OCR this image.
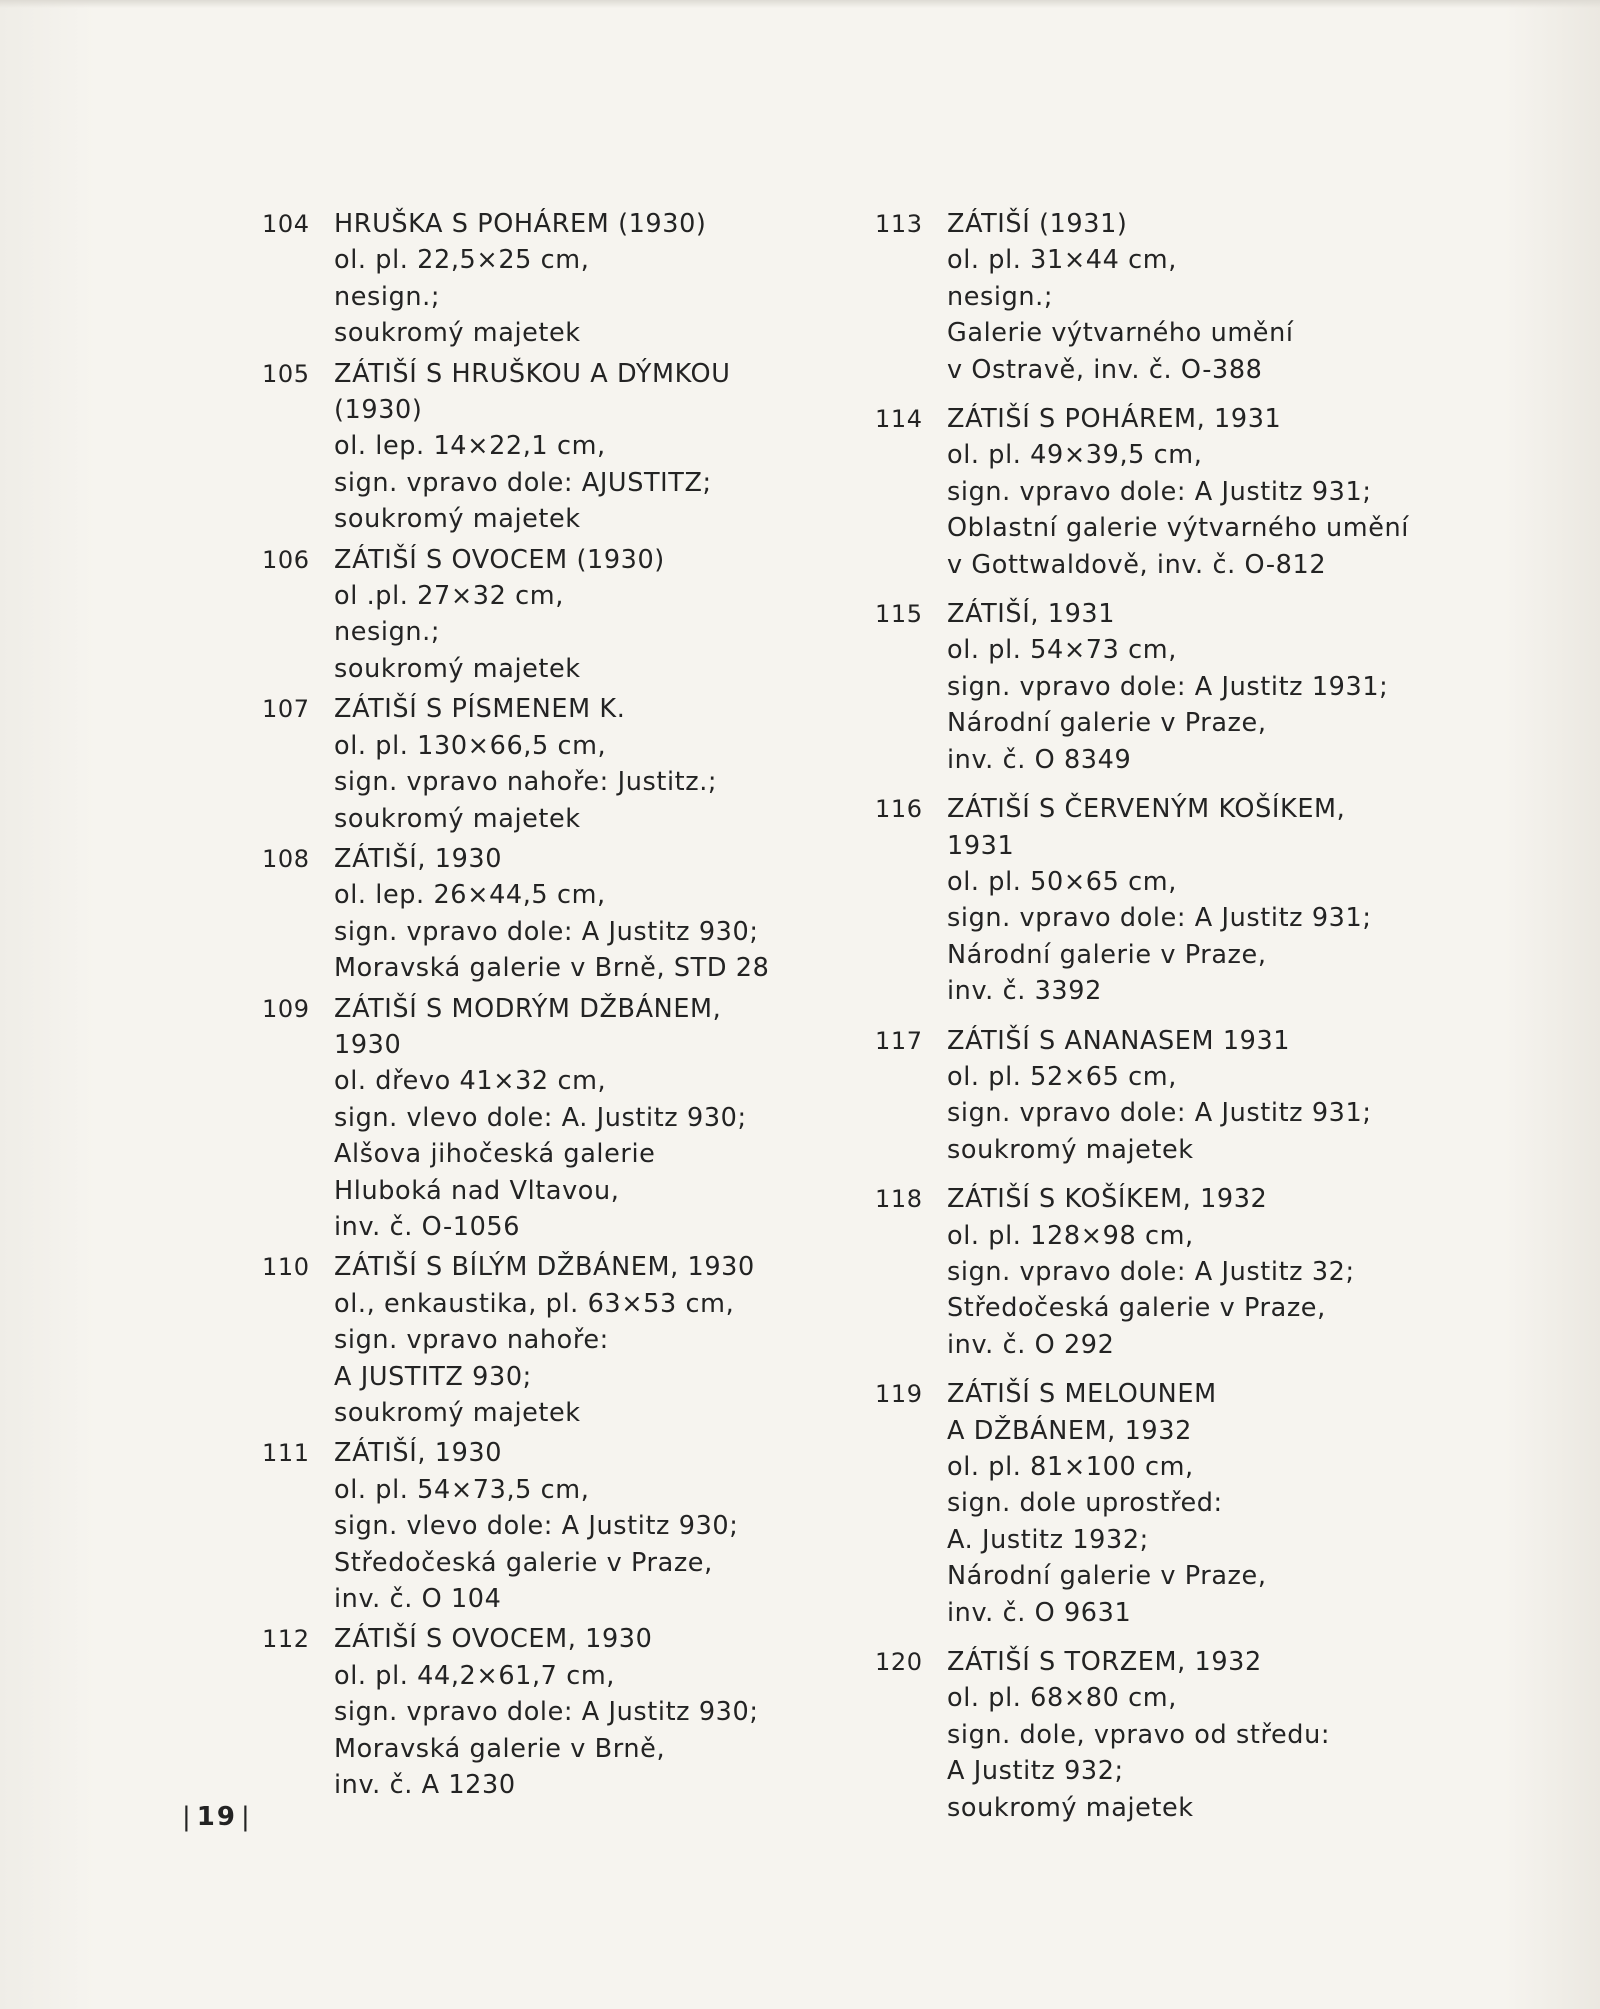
104 HRUŠKA S POHÁREM (1930)
ol. pl. 22,5×25 cm,
nesign.;
soukromý majetek
105 ZÁTIŠÍ S HRUŠKOU A DÝMKOU
(1930)
ol. lep. 14×22,1 cm,
sign. vpravo dole: AJUSTITZ;
soukromý majetek
106 ZÁTIŠÍ S OVOCEM (1930)
ol .pl. 27×32 cm,
nesign.;
soukromý majetek
107 ZÁTIŠÍ S PÍSMENEM K.
ol. pl. 130×66,5 cm,
sign. vpravo nahoře: Justitz.;
soukromý majetek
108 ZÁTIŠÍ, 1930
ol. lep. 26×44,5 cm,
sign. vpravo dole: A Justitz 930;
Moravská galerie v Brně, STD 28
109 ZÁTIŠÍ S MODRÝM DŽBÁNEM,
1930
ol. dřevo 41×32 cm,
sign. vlevo dole: A. Justitz 930;
Alšova jihočeská galerie
Hluboká nad Vltavou,
inv. č. O-1056
110 ZÁTIŠÍ S BÍLÝM DŽBÁNEM, 1930
ol., enkaustika, pl. 63×53 cm,
sign. vpravo nahoře:
A JUSTITZ 930;
soukromý majetek
111 ZÁTIŠÍ, 1930
ol. pl. 54×73,5 cm,
sign. vlevo dole: A Justitz 930;
Středočeská galerie v Praze,
inv. č. O 104
112 ZÁTIŠÍ S OVOCEM, 1930
ol. pl. 44,2×61,7 cm,
sign. vpravo dole: A Justitz 930;
Moravská galerie v Brně,
inv. č. A 1230
113 ZÁTIŠÍ (1931)
ol. pl. 31×44 cm,
nesign.;
Galerie výtvarného umění
v Ostravě, inv. č. O-388
114 ZÁTIŠÍ S POHÁREM, 1931
ol. pl. 49×39,5 cm,
sign. vpravo dole: A Justitz 931;
Oblastní galerie výtvarného umění
v Gottwaldově, inv. č. O-812
115 ZÁTIŠÍ, 1931
ol. pl. 54×73 cm,
sign. vpravo dole: A Justitz 1931;
Národní galerie v Praze,
inv. č. O 8349
116 ZÁTIŠÍ S ČERVENÝM KOŠÍKEM,
1931
ol. pl. 50×65 cm,
sign. vpravo dole: A Justitz 931;
Národní galerie v Praze,
inv. č. 3392
117 ZÁTIŠÍ S ANANASEM 1931
ol. pl. 52×65 cm,
sign. vpravo dole: A Justitz 931;
soukromý majetek
118 ZÁTIŠÍ S KOŠÍKEM, 1932
ol. pl. 128×98 cm,
sign. vpravo dole: A Justitz 32;
Středočeská galerie v Praze,
inv. č. O 292
119 ZÁTIŠÍ S MELOUNEM
A DŽBÁNEM, 1932
ol. pl. 81×100 cm,
sign. dole uprostřed:
A. Justitz 1932;
Národní galerie v Praze,
inv. č. O 9631
120 ZÁTIŠÍ S TORZEM, 1932
ol. pl. 68×80 cm,
sign. dole, vpravo od středu:
A Justitz 932;
soukromý majetek
| 19 |
